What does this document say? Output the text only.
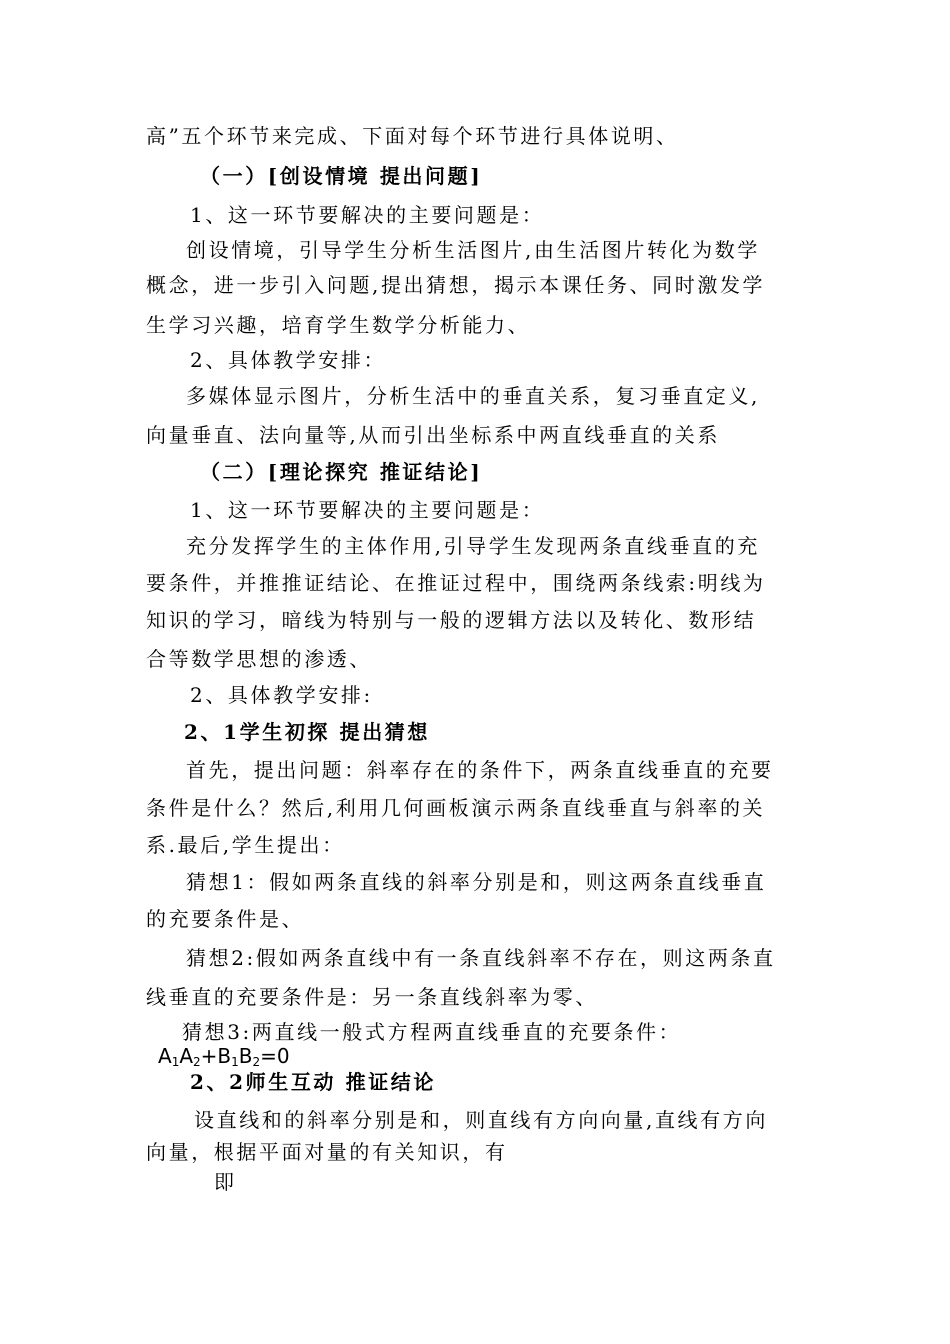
高”五个环节来完成、下面对每个环节进行具体说明、
（一）[创设情境 提出问题]
1、这一环节要解决的主要问题是：
创设情境，引导学生分析生活图片,由生活图片转化为数学
概念，进一步引入问题,提出猜想，揭示本课任务、同时激发学
生学习兴趣，培育学生数学分析能力、
2、具体教学安排：
多媒体显示图片，分析生活中的垂直关系，复习垂直定义,
向量垂直、法向量等,从而引出坐标系中两直线垂直的关系
（二）[理论探究 推证结论]
1、这一环节要解决的主要问题是：
充分发挥学生的主体作用,引导学生发现两条直线垂直的充
要条件，并推推证结论、在推证过程中，围绕两条线索:明线为
知识的学习，暗线为特别与一般的逻辑方法以及转化、数形结
合等数学思想的渗透、
2、具体教学安排:
2、1学生初探 提出猜想
首先，提出问题：斜率存在的条件下，两条直线垂直的充要
条件是什么？然后,利用几何画板演示两条直线垂直与斜率的关
系.最后,学生提出：
猜想1：假如两条直线的斜率分别是和，则这两条直线垂直
的充要条件是、
猜想2:假如两条直线中有一条直线斜率不存在，则这两条直
线垂直的充要条件是：另一条直线斜率为零、
猜想3:两直线一般式方程两直线垂直的充要条件：
$A_1A_2+B_1B_2=0$
2、2师生互动 推证结论
设直线和的斜率分别是和，则直线有方向向量,直线有方向
向量，根据平面对量的有关知识，有
即
